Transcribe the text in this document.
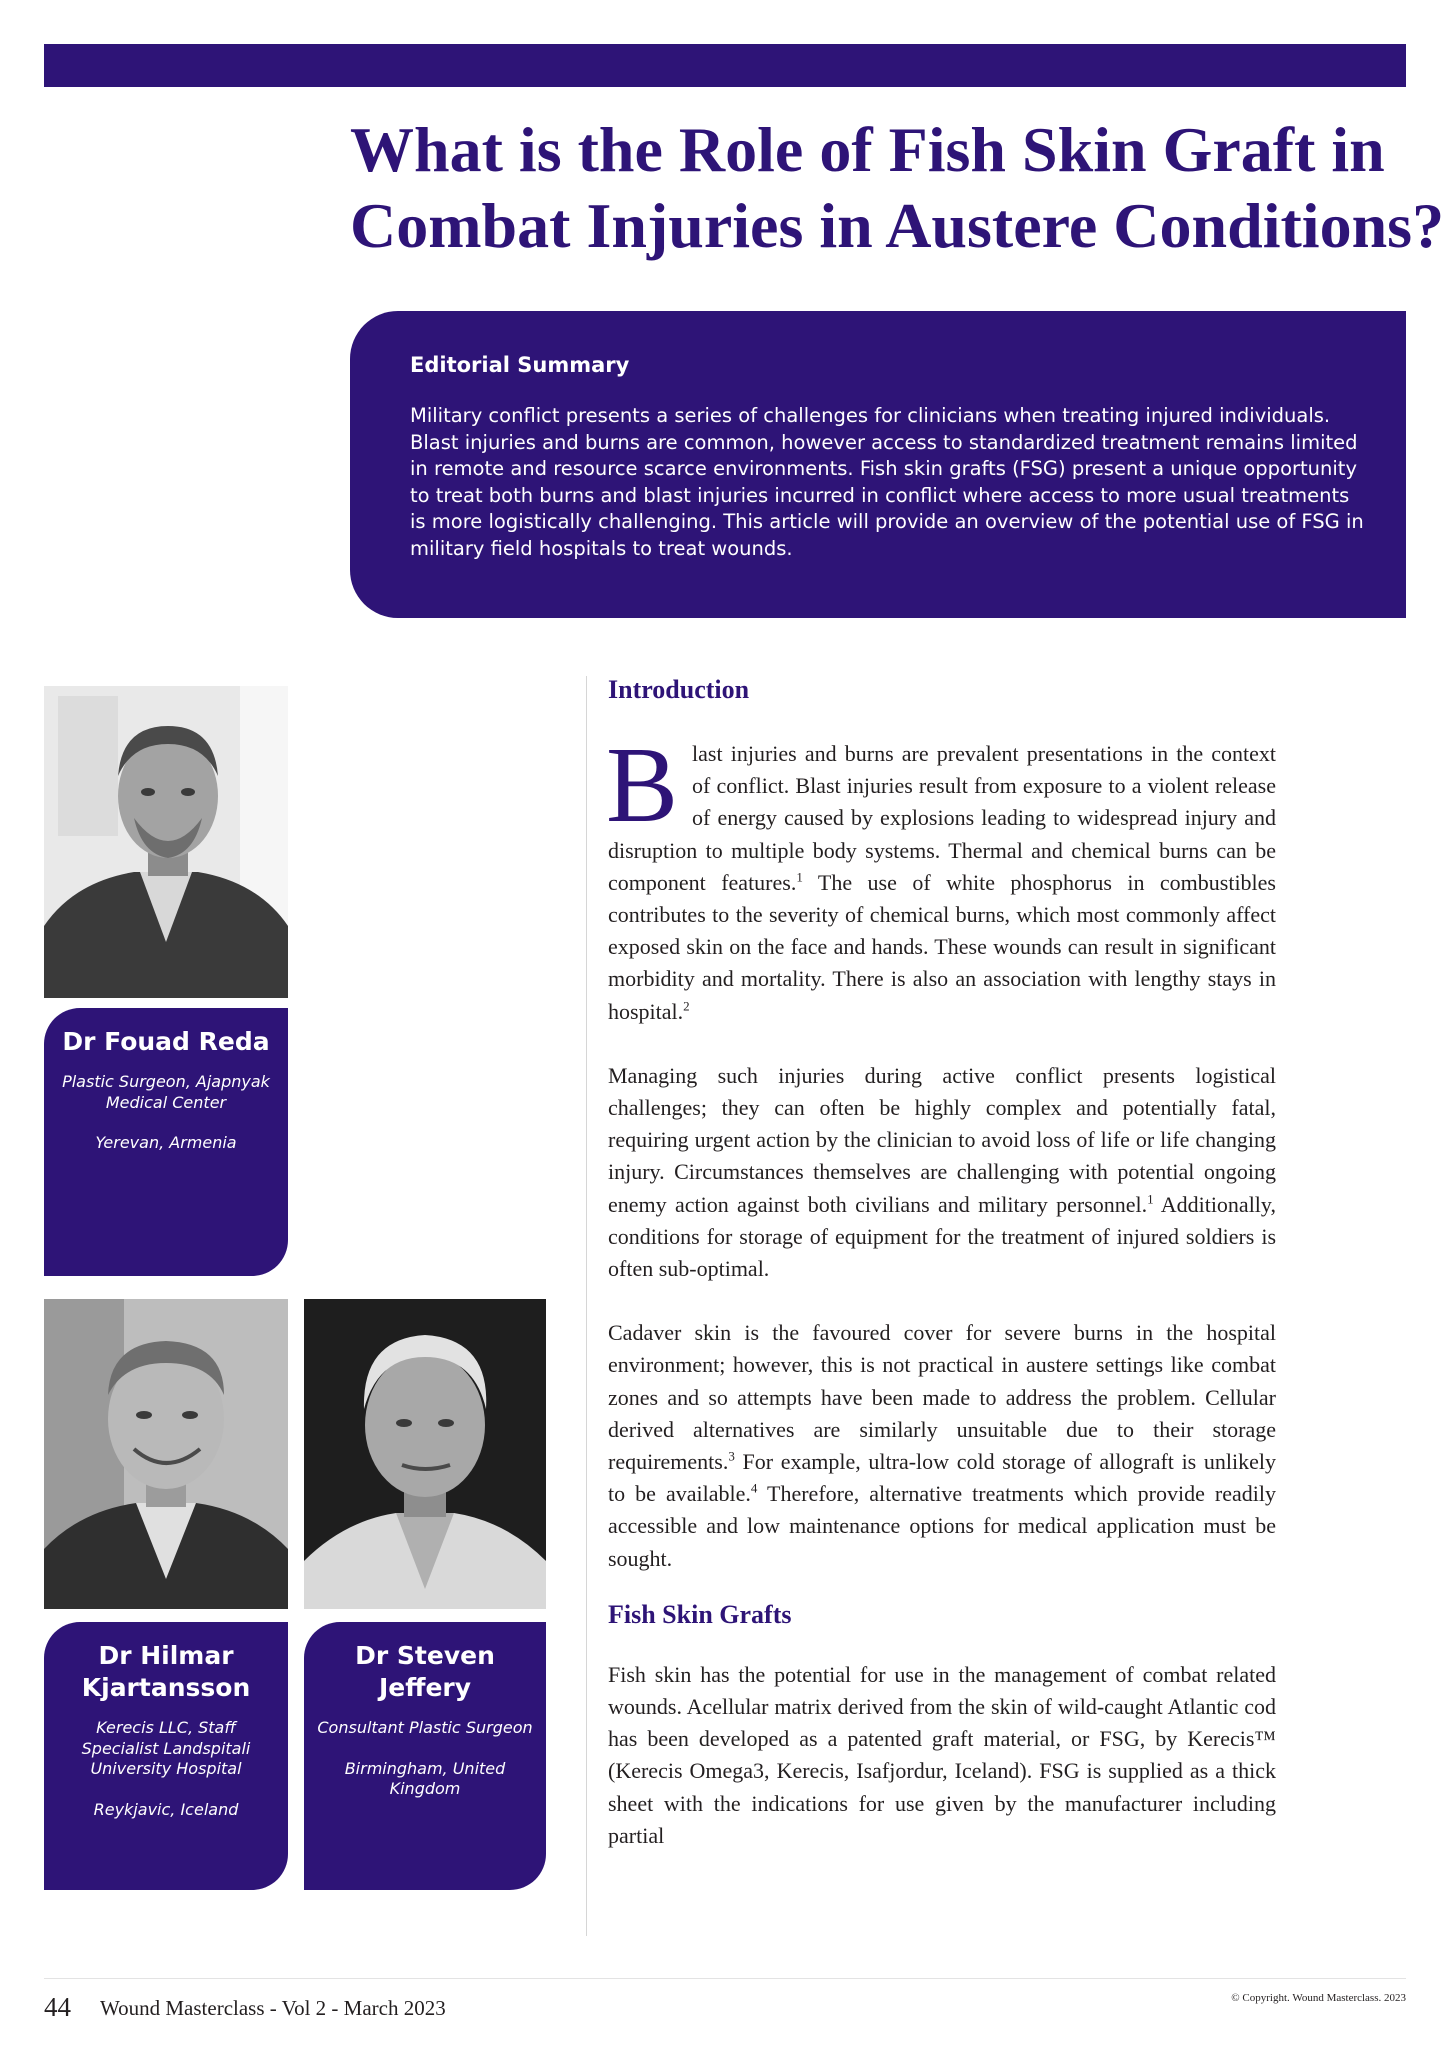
What is the Role of Fish Skin Graft in
Combat Injuries in Austere Conditions?
Editorial Summary

Military conflict presents a series of challenges for clinicians when treating injured individuals. Blast injuries and burns are common, however access to standardized treatment remains limited in remote and resource scarce environments. Fish skin grafts (FSG) present a unique opportunity to treat both burns and blast injuries incurred in conflict where access to more usual treatments is more logistically challenging. This article will provide an overview of the potential use of FSG in military field hospitals to treat wounds.

Dr Fouad Reda
Plastic Surgeon, Ajapnyak Medical Center
Yerevan, Armenia
Dr Hilmar Kjartansson
Kerecis LLC, Staff Specialist Landspitali University Hospital
Reykjavic, Iceland
Dr Steven Jeffery
Consultant Plastic Surgeon
Birmingham, United Kingdom
Introduction

Blast injuries and burns are prevalent presentations in the context of conflict. Blast injuries result from exposure to a violent release of energy caused by explosions leading to widespread injury and disruption to multiple body systems. Thermal and chemical burns can be component features.$^1$ The use of white phosphorus in combustibles contributes to the severity of chemical burns, which most commonly affect exposed skin on the face and hands. These wounds can result in significant morbidity and mortality. There is also an association with lengthy stays in hospital.$^2$

Managing such injuries during active conflict presents logistical challenges; they can often be highly complex and potentially fatal, requiring urgent action by the clinician to avoid loss of life or life changing injury. Circumstances themselves are challenging with potential ongoing enemy action against both civilians and military personnel.$^1$ Additionally, conditions for storage of equipment for the treatment of injured soldiers is often sub-optimal.

Cadaver skin is the favoured cover for severe burns in the hospital environment; however, this is not practical in austere settings like combat zones and so attempts have been made to address the problem. Cellular derived alternatives are similarly unsuitable due to their storage requirements.$^3$ For example, ultra-low cold storage of allograft is unlikely to be available.$^4$ Therefore, alternative treatments which provide readily accessible and low maintenance options for medical application must be sought.

Fish Skin Grafts

Fish skin has the potential for use in the management of combat related wounds. Acellular matrix derived from the skin of wild-caught Atlantic cod has been developed as a patented graft material, or FSG, by Kerecis™ (Kerecis Omega3, Kerecis, Isafjordur, Iceland). FSG is supplied as a thick sheet with the indications for use given by the manufacturer including partial

44 Wound Masterclass - Vol 2 - March 2023	© Copyright. Wound Masterclass. 2023
